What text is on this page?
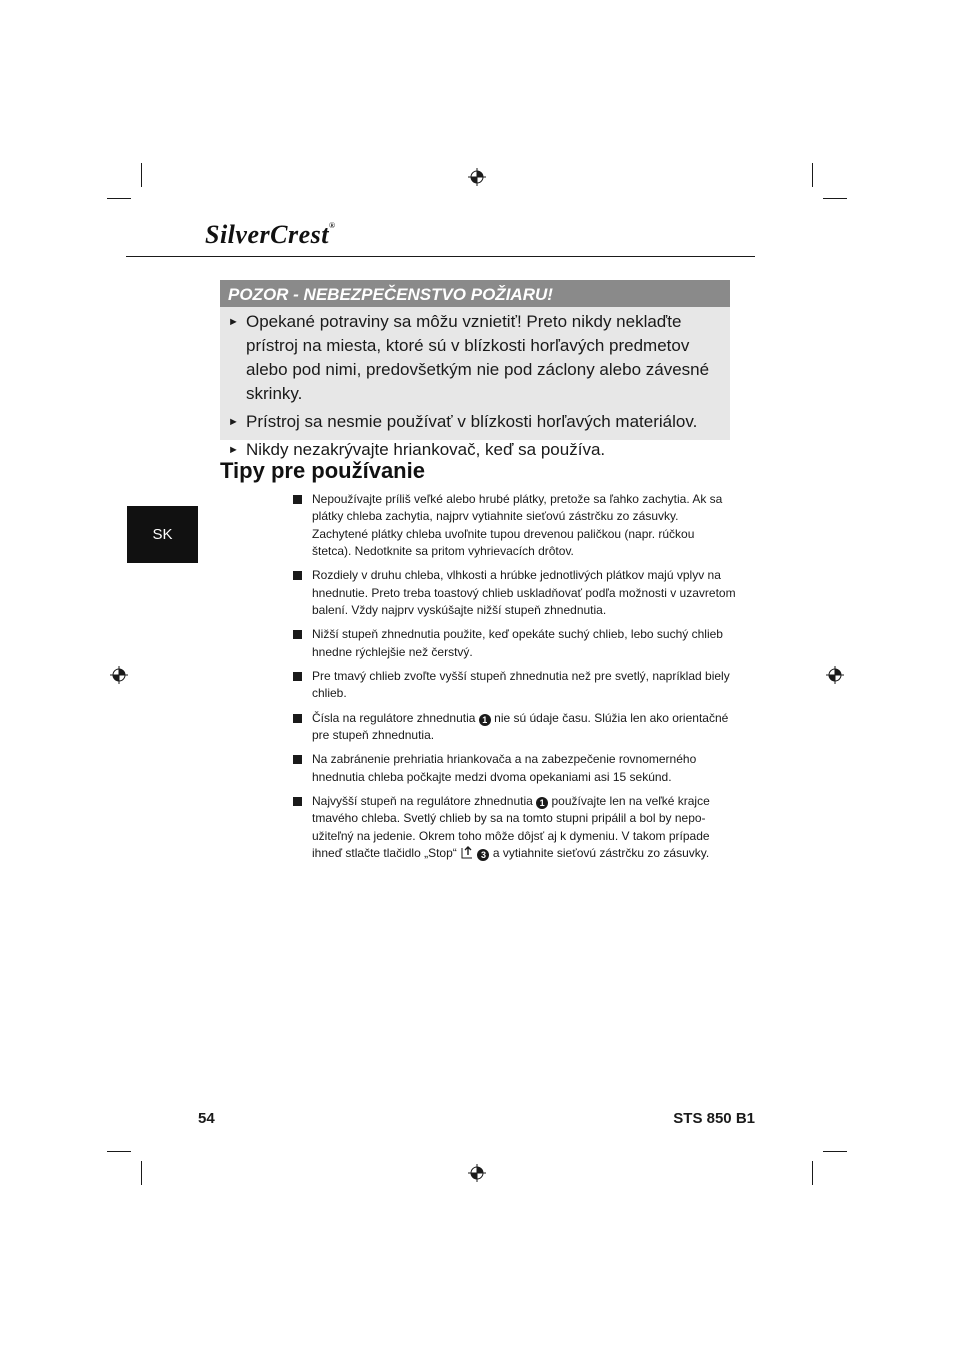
SilverCrest®
POZOR - NEBEZPEČENSTVO POŽIARU!
► Opekané potraviny sa môžu vznietiť! Preto nikdy neklaďte prístroj na miesta, ktoré sú v blízkosti horľavých predmetov alebo pod nimi, predovšetkým nie pod záclony alebo závesné skrinky.
► Prístroj sa nesmie používať v blízkosti horľavých materiálov.
► Nikdy nezakrývajte hriankovač, keď sa používa.
Tipy pre používanie
SK
Nepoužívajte príliš veľké alebo hrubé plátky, pretože sa ľahko zachytia. Ak sa plátky chleba zachytia, najprv vytiahnite sieťovú zástrčku zo zásuvky. Zachytené plátky chleba uvoľnite tupou drevenou paličkou (napr. rúčkou štetca). Nedotknite sa pritom vyhrievacích drôtov.
Rozdiely v druhu chleba, vlhkosti a hrúbke jednotlivých plátkov majú vplyv na hnednutie. Preto treba toastový chlieb uskladňovať podľa možnosti v uzavretom balení. Vždy najprv vyskúšajte nižší stupeň zhnednutia.
Nižší stupeň zhnednutia použite, keď opekáte suchý chlieb, lebo suchý chlieb hnedne rýchlejšie než čerstvý.
Pre tmavý chlieb zvoľte vyšší stupeň zhnednutia než pre svetlý, napríklad biely chlieb.
Čísla na regulátore zhnednutia 1 nie sú údaje času. Slúžia len ako orientačné pre stupeň zhnednutia.
Na zabránenie prehriatia hriankovača a na zabezpečenie rovnomerného hnednutia chleba počkajte medzi dvoma opekaniami asi 15 sekúnd.
Najvyšší stupeň na regulátore zhnednutia 1 používajte len na veľké krajce tmavého chleba. Svetlý chlieb by sa na tomto stupni pripálil a bol by nepo-užiteľný na jedenie. Okrem toho môže dôjsť aj k dymeniu. V takom prípade ihneď stlačte tlačidlo „Stop“	3 a vytiahnite sieťovú zástrčku zo zásuvky.
54	STS 850 B1
